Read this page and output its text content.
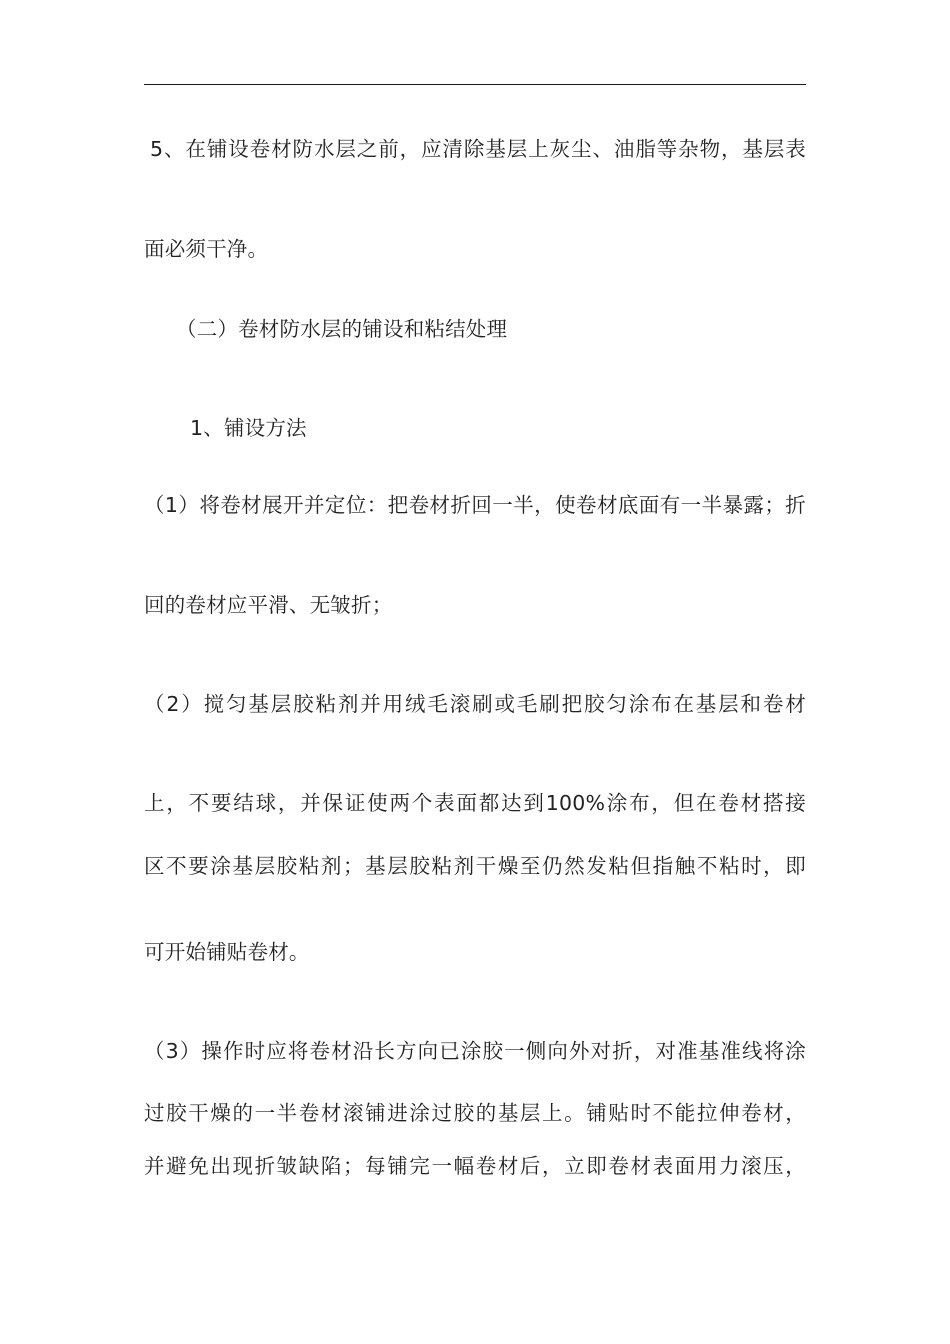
5、在铺设卷材防水层之前，应清除基层上灰尘、油脂等杂物，基层表
面必须干净。
（二）卷材防水层的铺设和粘结处理
1、铺设方法
（1）将卷材展开并定位：把卷材折回一半，使卷材底面有一半暴露；折
回的卷材应平滑、无皱折；
（2）搅匀基层胶粘剂并用绒毛滚刷或毛刷把胶匀涂布在基层和卷材
上，不要结球，并保证使两个表面都达到100%涂布，但在卷材搭接
区不要涂基层胶粘剂；基层胶粘剂干燥至仍然发粘但指触不粘时，即
可开始铺贴卷材。
（3）操作时应将卷材沿长方向已涂胶一侧向外对折，对准基准线将涂
过胶干燥的一半卷材滚铺进涂过胶的基层上。铺贴时不能拉伸卷材，
并避免出现折皱缺陷；每铺完一幅卷材后，立即卷材表面用力滚压，
